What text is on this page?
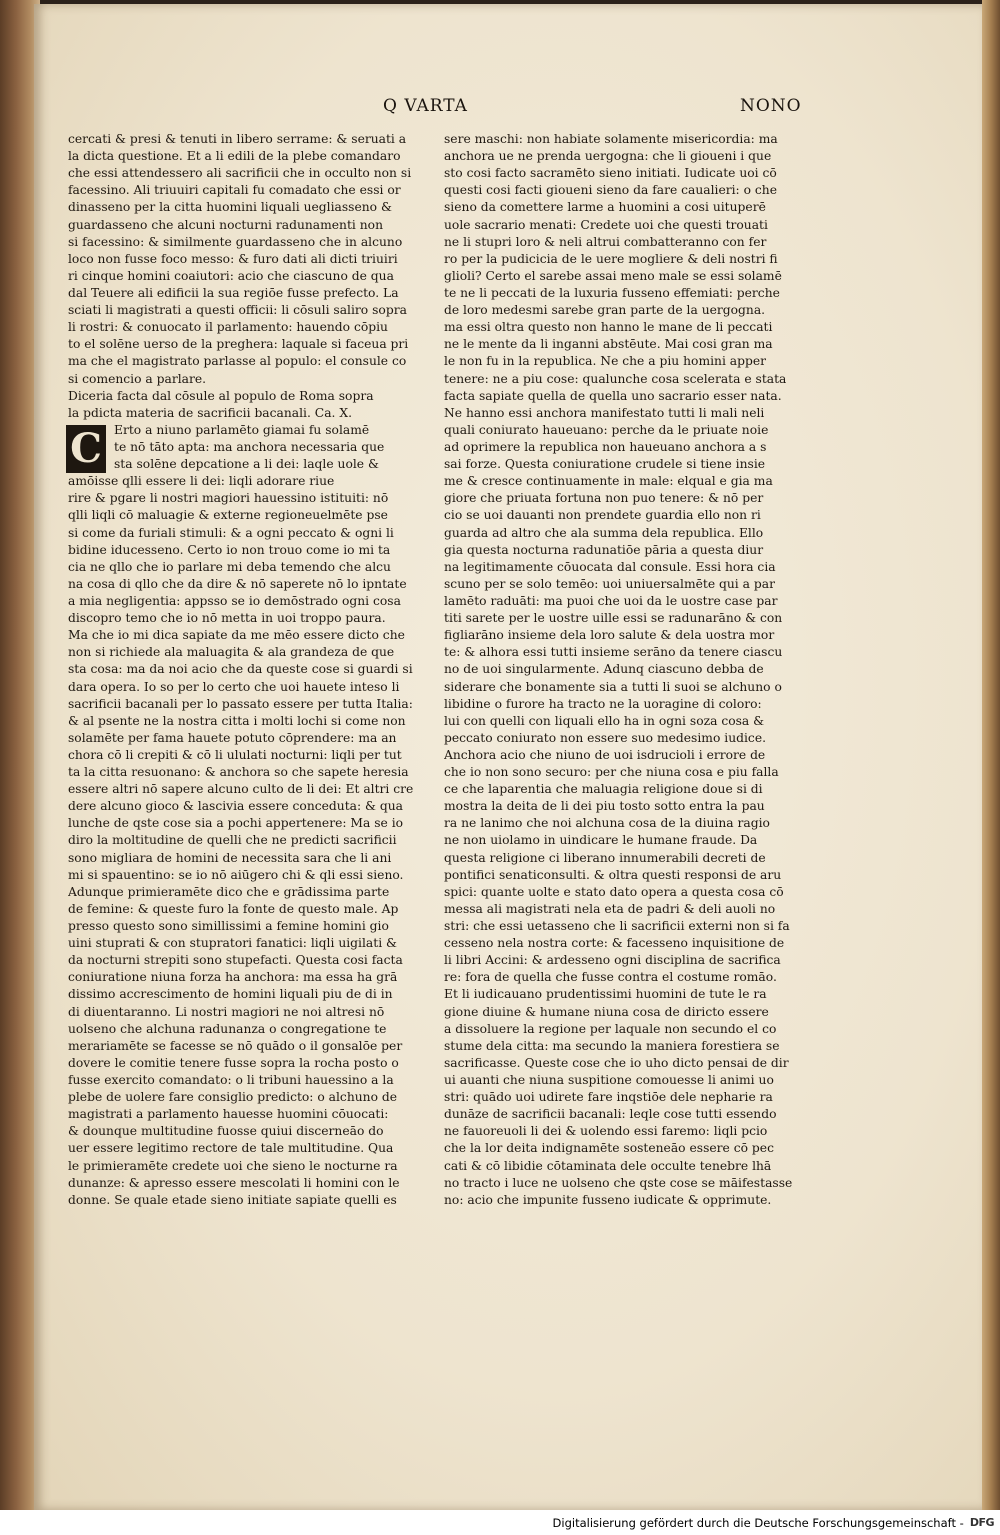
Q VARTA	NONO
cercati & presi & tenuti in libero serrame: & seruati a
la dicta questione. Et a li edili de la plebe comandaro
che essi attendessero ali sacrificii che in occulto non si
facessino. Ali triuuiri capitali fu comadato che essi or
dinasseno per la citta huomini liquali uegliasseno &
guardasseno che alcuni nocturni radunamenti non
si facessino: & similmente guardasseno che in alcuno
loco non fusse foco messo: & furo dati ali dicti triuiri
ri cinque homini coaiutori: acio che ciascuno de qua
dal Teuere ali edificii la sua regiōe fusse prefecto. La
sciati li magistrati a questi officii: li cōsuli saliro sopra
li rostri: & conuocato il parlamento: hauendo cōpiu
to el solēne uerso de la preghera: laquale si faceua pri
ma che el magistrato parlasse al populo: el consule co
si comencio a parlare.
Diceria facta dal cōsule al populo de Roma sopra
la pdicta materia de sacrificii bacanali. Ca. X.
Erto a niuno parlamēto giamai fu solamē
te nō tāto apta: ma anchora necessaria que
sta solēne depcatione a li dei: laqle uole &
amōisse qlli essere li dei: liqli adorare riue
rire & pgare li nostri magiori hauessino istituiti: nō
qlli liqli cō maluagie & externe regioneuelmēte pse
si come da furiali stimuli: & a ogni peccato & ogni li
bidine iducesseno. Certo io non trouo come io mi ta
cia ne qllo che io parlare mi deba temendo che alcu
na cosa di qllo che da dire & nō saperete nō lo ipntate
a mia negligentia: appsso se io demōstrado ogni cosa
discopro temo che io nō metta in uoi troppo paura.
Ma che io mi dica sapiate da me mēo essere dicto che
non si richiede ala maluagita & ala grandeza de que
sta cosa: ma da noi acio che da queste cose si guardi si
dara opera. Io so per lo certo che uoi hauete inteso li
sacrificii bacanali per lo passato essere per tutta Italia:
& al psente ne la nostra citta i molti lochi si come non
solamēte per fama hauete potuto cōprendere: ma an
chora cō li crepiti & cō li ululati nocturni: liqli per tut
ta la citta resuonano: & anchora so che sapete heresia
essere altri nō sapere alcuno culto de li dei: Et altri cre
dere alcuno gioco & lascivia essere conceduta: & qua
lunche de qste cose sia a pochi appertenere: Ma se io
diro la moltitudine de quelli che ne predicti sacrificii
sono migliara de homini de necessita sara che li ani
mi si spauentino: se io nō aiūgero chi & qli essi sieno.
Adunque primieramēte dico che e grādissima parte
de femine: & queste furo la fonte de questo male. Ap
presso questo sono simillissimi a femine homini gio
uini stuprati & con stupratori fanatici: liqli uigilati &
da nocturni strepiti sono stupefacti. Questa cosi facta
coniuratione niuna forza ha anchora: ma essa ha grā
dissimo accrescimento de homini liquali piu de di in
di diuentaranno. Li nostri magiori ne noi altresi nō
uolseno che alchuna radunanza o congregatione te
merariamēte se facesse se nō quādo o il gonsalōe per
dovere le comitie tenere fusse sopra la rocha posto o
fusse exercito comandato: o li tribuni hauessino a la
plebe de uolere fare consiglio predicto: o alchuno de
magistrati a parlamento hauesse huomini cōuocati:
& dounque multitudine fuosse quiui discerneāo do
uer essere legitimo rectore de tale multitudine. Qua
le primieramēte credete uoi che sieno le nocturne ra
dunanze: & apresso essere mescolati li homini con le
donne. Se quale etade sieno initiate sapiate quelli es
C
sere maschi: non habiate solamente misericordia: ma
anchora ue ne prenda uergogna: che li gioueni i que
sto cosi facto sacramēto sieno initiati. Iudicate uoi cō
questi cosi facti gioueni sieno da fare caualieri: o che
sieno da comettere larme a huomini a cosi uituperē
uole sacrario menati: Credete uoi che questi trouati
ne li stupri loro & neli altrui combatteranno con fer
ro per la pudicicia de le uere mogliere & deli nostri fi
glioli? Certo el sarebe assai meno male se essi solamē
te ne li peccati de la luxuria fusseno effemiati: perche
de loro medesmi sarebe gran parte de la uergogna.
ma essi oltra questo non hanno le mane de li peccati
ne le mente da li inganni abstēute. Mai cosi gran ma
le non fu in la republica. Ne che a piu homini apper
tenere: ne a piu cose: qualunche cosa scelerata e stata
facta sapiate quella de quella uno sacrario esser nata.
Ne hanno essi anchora manifestato tutti li mali neli
quali coniurato haueuano: perche da le priuate noie
ad oprimere la republica non haueuano anchora a s
sai forze. Questa coniuratione crudele si tiene insie
me & cresce continuamente in male: elqual e gia ma
giore che priuata fortuna non puo tenere: & nō per
cio se uoi dauanti non prendete guardia ello non ri
guarda ad altro che ala summa dela republica. Ello
gia questa nocturna radunatiōe pāria a questa diur
na legitimamente cōuocata dal consule. Essi hora cia
scuno per se solo temēo: uoi uniuersalmēte qui a par
lamēto raduāti: ma puoi che uoi da le uostre case par
titi sarete per le uostre uille essi se radunarāno & con
figliarāno insieme dela loro salute & dela uostra mor
te: & alhora essi tutti insieme serāno da tenere ciascu
no de uoi singularmente. Adunq ciascuno debba de
siderare che bonamente sia a tutti li suoi se alchuno o
libidine o furore ha tracto ne la uoragine di coloro:
lui con quelli con liquali ello ha in ogni soza cosa &
peccato coniurato non essere suo medesimo iudice.
Anchora acio che niuno de uoi isdrucioli i errore de
che io non sono securo: per che niuna cosa e piu falla
ce che laparentia che maluagia religione doue si di
mostra la deita de li dei piu tosto sotto entra la pau
ra ne lanimo che noi alchuna cosa de la diuina ragio
ne non uiolamo in uindicare le humane fraude. Da
questa religione ci liberano innumerabili decreti de
pontifici senaticonsulti. & oltra questi responsi de aru
spici: quante uolte e stato dato opera a questa cosa cō
messa ali magistrati nela eta de padri & deli auoli no
stri: che essi uetasseno che li sacrificii externi non si fa
cesseno nela nostra corte: & facesseno inquisitione de
li libri Accini: & ardesseno ogni disciplina de sacrifica
re: fora de quella che fusse contra el costume romāo.
Et li iudicauano prudentissimi huomini de tute le ra
gione diuine & humane niuna cosa de diricto essere
a dissoluere la regione per laquale non secundo el co
stume dela citta: ma secundo la maniera forestiera se
sacrificasse. Queste cose che io uho dicto pensai de dir
ui auanti che niuna suspitione comouesse li animi uo
stri: quādo uoi udirete fare inqstiōe dele nepharie ra
dunāze de sacrificii bacanali: leqle cose tutti essendo
ne fauoreuoli li dei & uolendo essi faremo: liqli pcio
che la lor deita indignamēte sosteneāo essere cō pec
cati & cō libidie cōtaminata dele occulte tenebre lhā
no tracto i luce ne uolseno che qste cose se māifestasse
no: acio che impunite fusseno iudicate & opprimute.
Digitalisierung gefördert durch die Deutsche Forschungsgemeinschaft - DFG
